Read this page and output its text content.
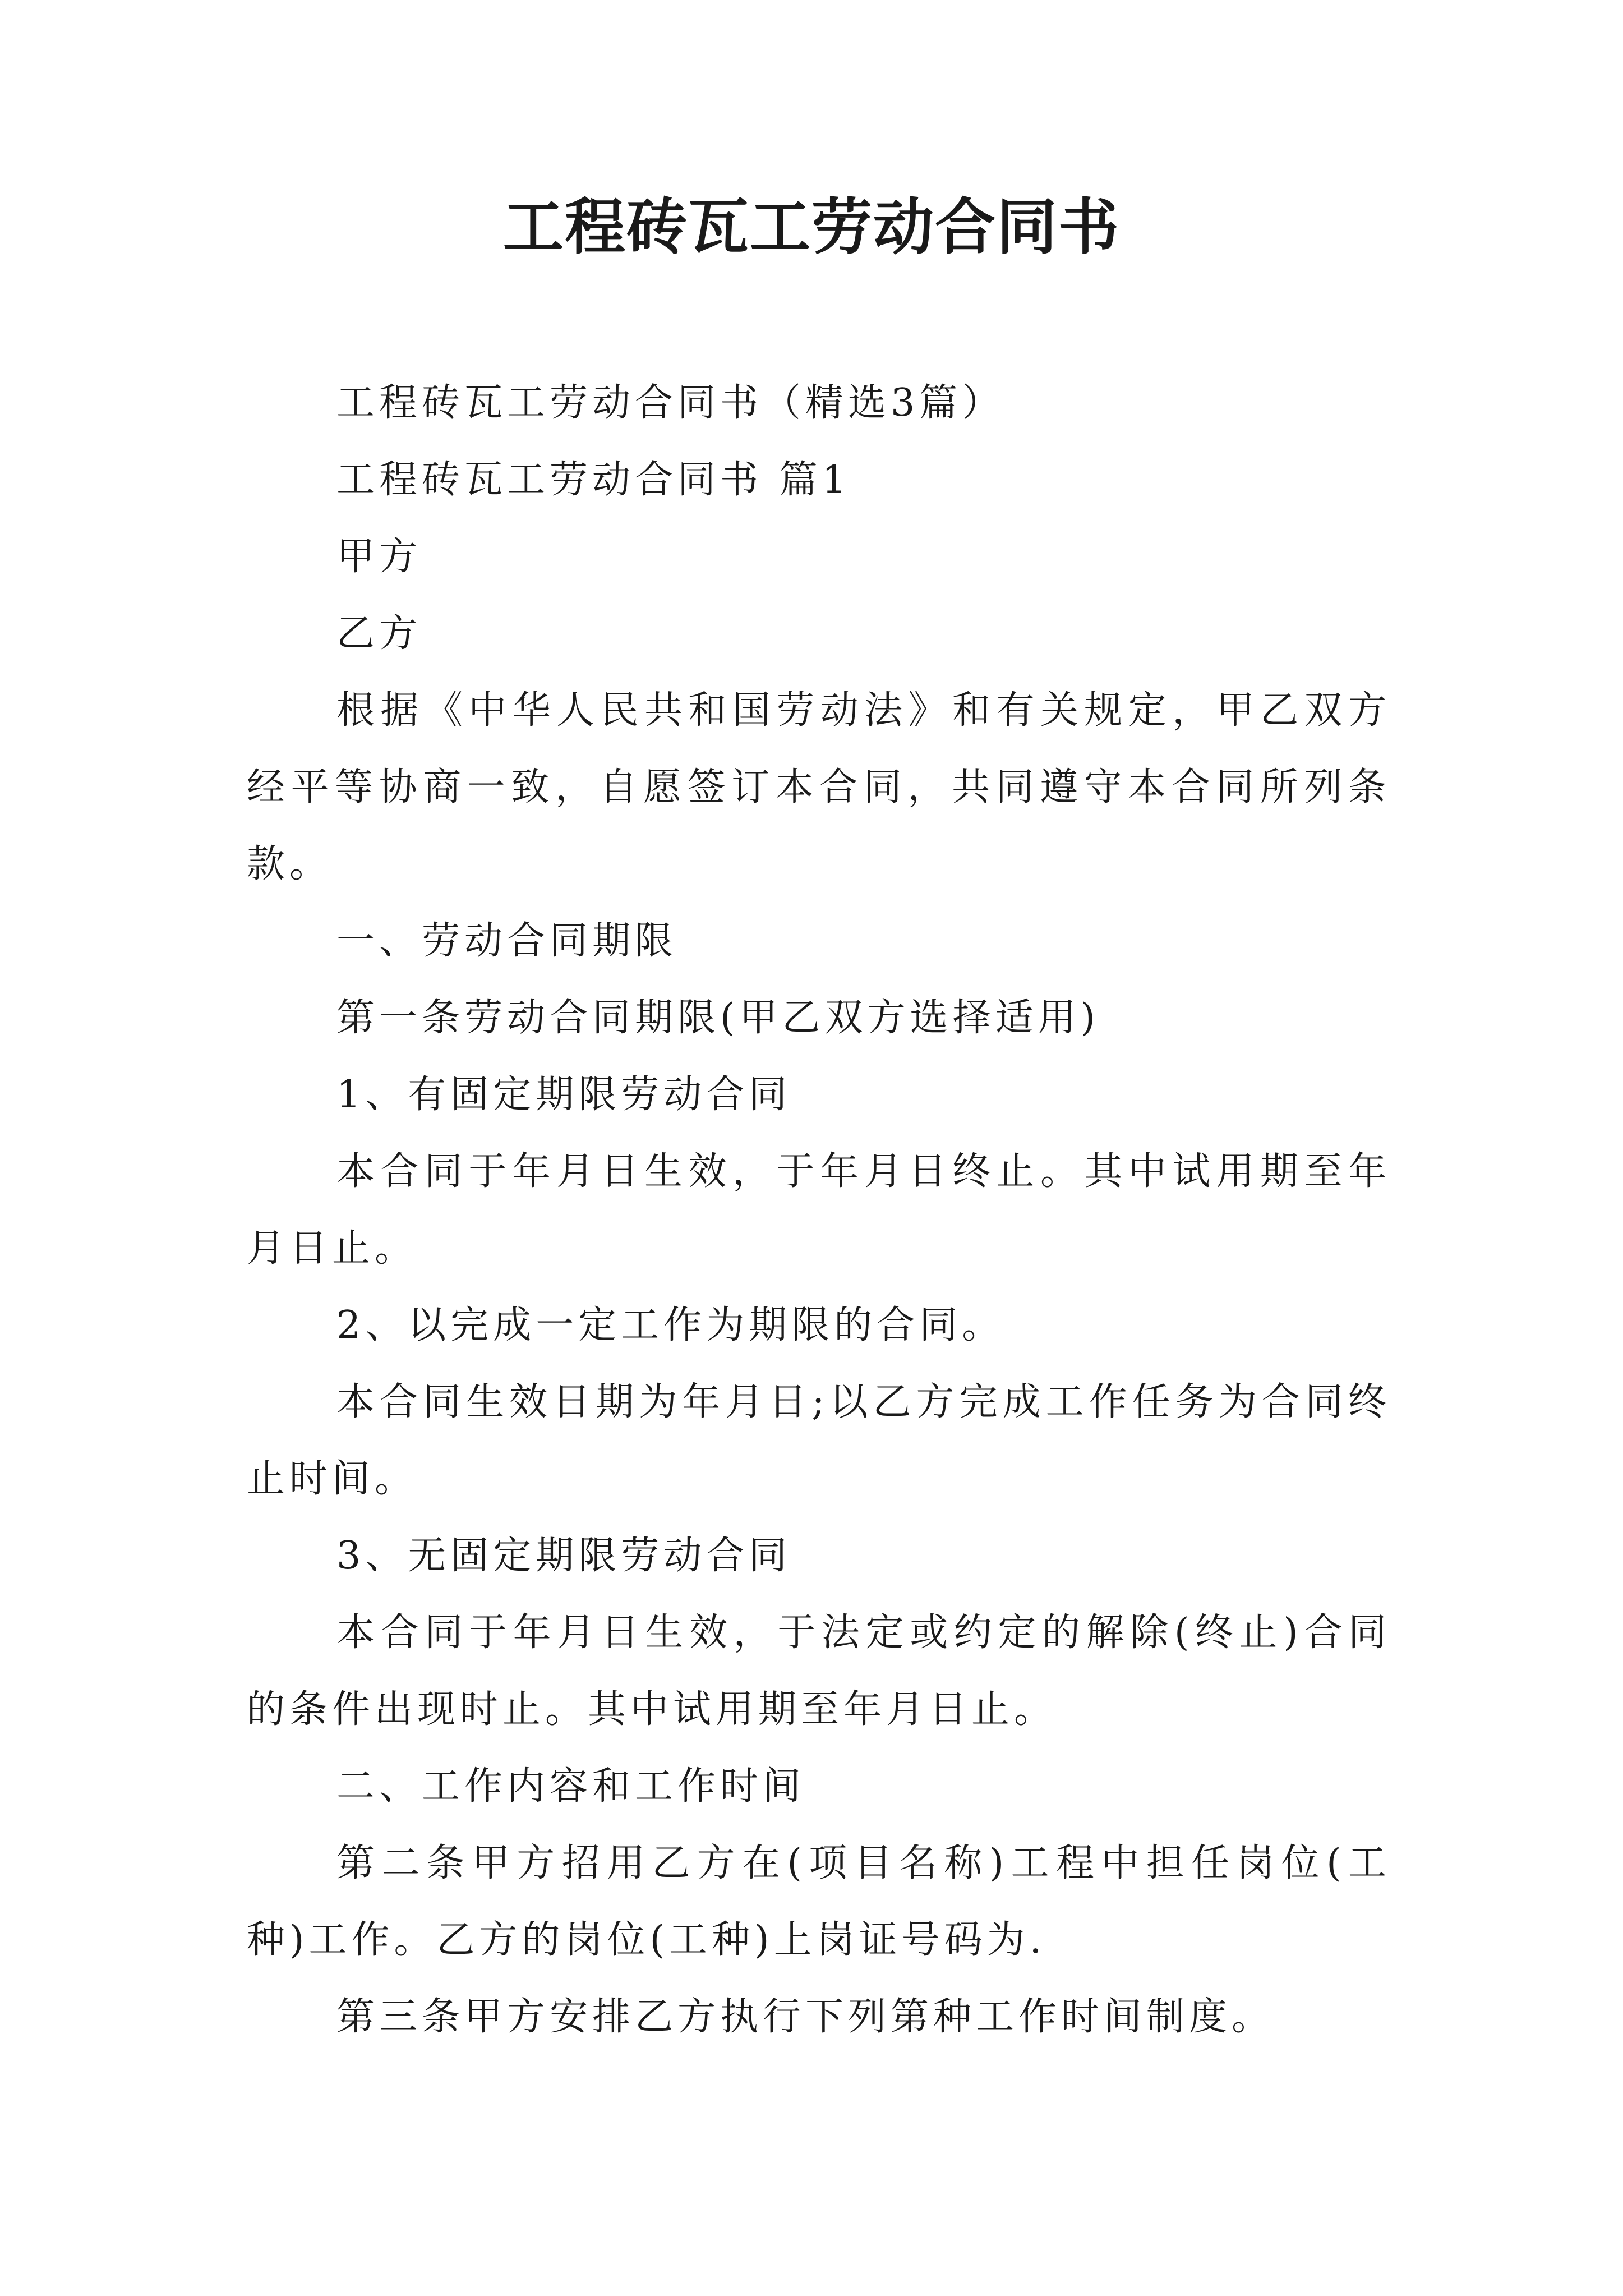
工程砖瓦工劳动合同书

工程砖瓦工劳动合同书（精选3篇）

工程砖瓦工劳动合同书 篇1

甲方

乙方

根据《中华人民共和国劳动法》和有关规定，甲乙双方经平等协商一致，自愿签订本合同，共同遵守本合同所列条款。

一、劳动合同期限

第一条劳动合同期限(甲乙双方选择适用)

1、有固定期限劳动合同

本合同于年月日生效，于年月日终止。其中试用期至年月日止。

2、以完成一定工作为期限的合同。

本合同生效日期为年月日;以乙方完成工作任务为合同终止时间。

3、无固定期限劳动合同

本合同于年月日生效，于法定或约定的解除(终止)合同的条件出现时止。其中试用期至年月日止。

二、工作内容和工作时间

第二条甲方招用乙方在(项目名称)工程中担任岗位(工种)工作。乙方的岗位(工种)上岗证号码为.

第三条甲方安排乙方执行下列第种工作时间制度。
